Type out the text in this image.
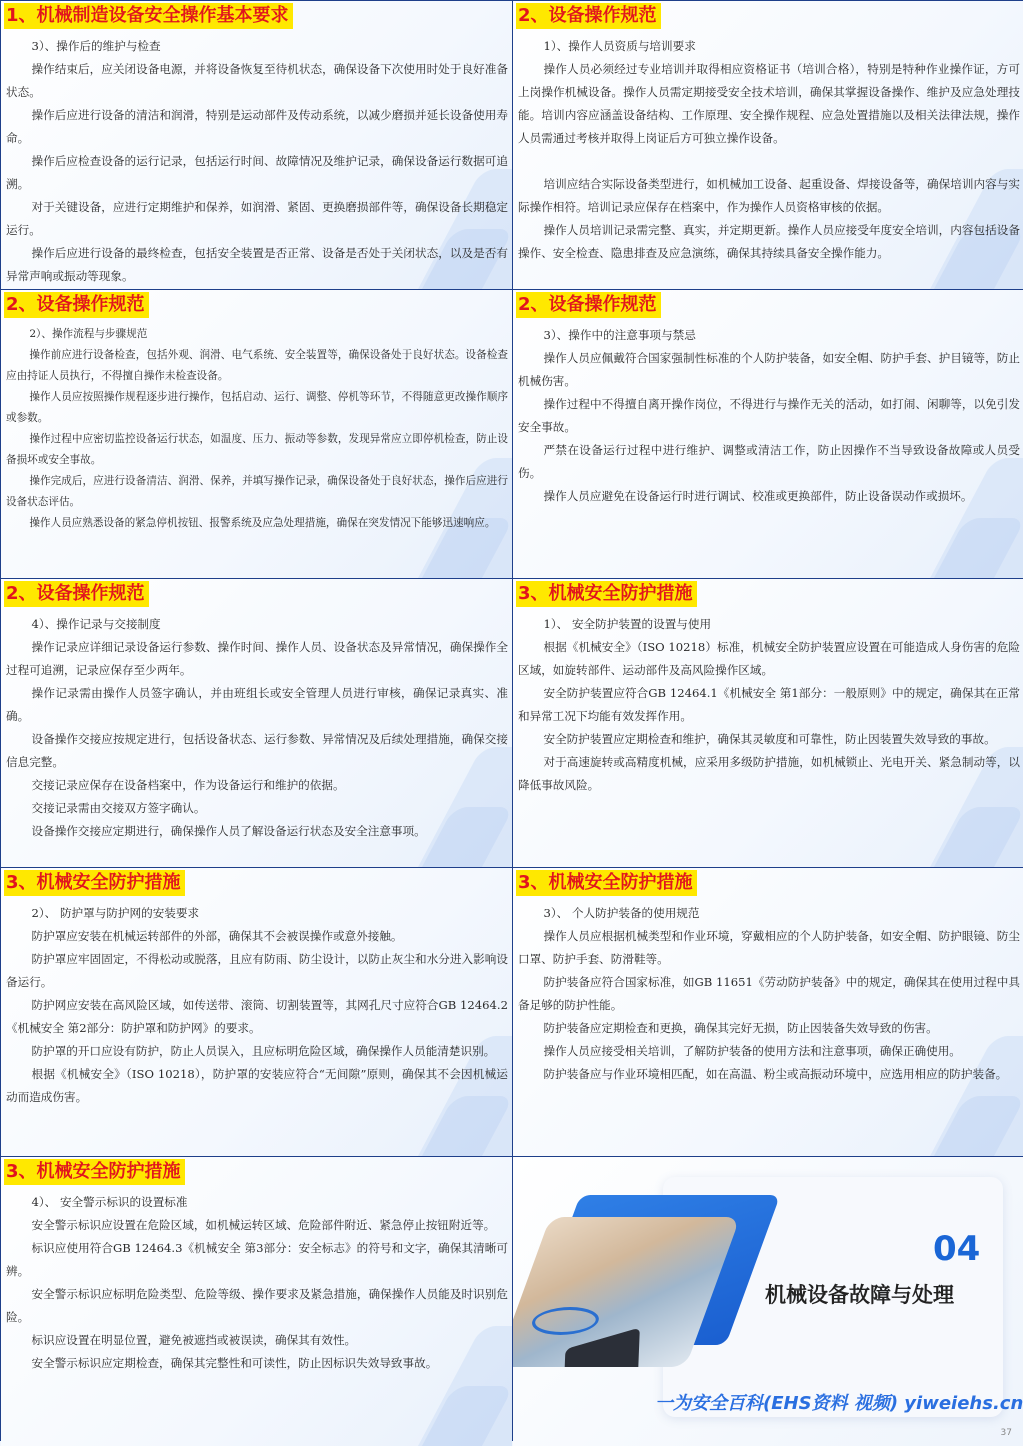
1、机械制造设备安全操作基本要求

3）、操作后的维护与检查

操作结束后，应关闭设备电源，并将设备恢复至待机状态，确保设备下次使用时处于良好准备状态。

操作后应进行设备的清洁和润滑，特别是运动部件及传动系统，以减少磨损并延长设备使用寿命。

操作后应检查设备的运行记录，包括运行时间、故障情况及维护记录，确保设备运行数据可追溯。

对于关键设备，应进行定期维护和保养，如润滑、紧固、更换磨损部件等，确保设备长期稳定运行。

操作后应进行设备的最终检查，包括安全装置是否正常、设备是否处于关闭状态，以及是否有异常声响或振动等现象。

2、设备操作规范

1）、操作人员资质与培训要求

操作人员必须经过专业培训并取得相应资格证书（培训合格），特别是特种作业操作证，方可上岗操作机械设备。操作人员需定期接受安全技术培训，确保其掌握设备操作、维护及应急处理技能。培训内容应涵盖设备结构、工作原理、安全操作规程、应急处置措施以及相关法律法规，操作人员需通过考核并取得上岗证后方可独立操作设备。

培训应结合实际设备类型进行，如机械加工设备、起重设备、焊接设备等，确保培训内容与实际操作相符。培训记录应保存在档案中，作为操作人员资格审核的依据。

操作人员培训记录需完整、真实，并定期更新。操作人员应接受年度安全培训，内容包括设备操作、安全检查、隐患排查及应急演练，确保其持续具备安全操作能力。

2、设备操作规范

2）、操作流程与步骤规范

操作前应进行设备检查，包括外观、润滑、电气系统、安全装置等，确保设备处于良好状态。设备检查应由持证人员执行，不得擅自操作未检查设备。

操作人员应按照操作规程逐步进行操作，包括启动、运行、调整、停机等环节，不得随意更改操作顺序或参数。

操作过程中应密切监控设备运行状态，如温度、压力、振动等参数，发现异常应立即停机检查，防止设备损坏或安全事故。

操作完成后，应进行设备清洁、润滑、保养，并填写操作记录，确保设备处于良好状态，操作后应进行设备状态评估。

操作人员应熟悉设备的紧急停机按钮、报警系统及应急处理措施，确保在突发情况下能够迅速响应。

2、设备操作规范

3）、操作中的注意事项与禁忌

操作人员应佩戴符合国家强制性标准的个人防护装备，如安全帽、防护手套、护目镜等，防止机械伤害。

操作过程中不得擅自离开操作岗位，不得进行与操作无关的活动，如打闹、闲聊等，以免引发安全事故。

严禁在设备运行过程中进行维护、调整或清洁工作，防止因操作不当导致设备故障或人员受伤。

操作人员应避免在设备运行时进行调试、校准或更换部件，防止设备误动作或损坏。

2、设备操作规范

4）、操作记录与交接制度

操作记录应详细记录设备运行参数、操作时间、操作人员、设备状态及异常情况，确保操作全过程可追溯，记录应保存至少两年。

操作记录需由操作人员签字确认，并由班组长或安全管理人员进行审核，确保记录真实、准确。

设备操作交接应按规定进行，包括设备状态、运行参数、异常情况及后续处理措施，确保交接信息完整。

交接记录应保存在设备档案中，作为设备运行和维护的依据。

交接记录需由交接双方签字确认。

设备操作交接应定期进行，确保操作人员了解设备运行状态及安全注意事项。

3、机械安全防护措施

1）、 安全防护装置的设置与使用

根据《机械安全》（ISO 10218）标准，机械安全防护装置应设置在可能造成人身伤害的危险区域，如旋转部件、运动部件及高风险操作区域。

安全防护装置应符合GB 12464.1《机械安全 第1部分：一般原则》中的规定，确保其在正常和异常工况下均能有效发挥作用。

安全防护装置应定期检查和维护，确保其灵敏度和可靠性，防止因装置失效导致的事故。

对于高速旋转或高精度机械，应采用多级防护措施，如机械锁止、光电开关、紧急制动等，以降低事故风险。

3、机械安全防护措施

2）、 防护罩与防护网的安装要求

防护罩应安装在机械运转部件的外部，确保其不会被误操作或意外接触。

防护罩应牢固固定，不得松动或脱落，且应有防雨、防尘设计，以防止灰尘和水分进入影响设备运行。

防护网应安装在高风险区域，如传送带、滚筒、切割装置等，其网孔尺寸应符合GB 12464.2《机械安全 第2部分：防护罩和防护网》的要求。

防护罩的开口应设有防护，防止人员误入，且应标明危险区域，确保操作人员能清楚识别。

根据《机械安全》（ISO 10218），防护罩的安装应符合“无间隙”原则，确保其不会因机械运动而造成伤害。

3、机械安全防护措施

3）、 个人防护装备的使用规范

操作人员应根据机械类型和作业环境，穿戴相应的个人防护装备，如安全帽、防护眼镜、防尘口罩、防护手套、防滑鞋等。

防护装备应符合国家标准，如GB 11651《劳动防护装备》中的规定，确保其在使用过程中具备足够的防护性能。

防护装备应定期检查和更换，确保其完好无损，防止因装备失效导致的伤害。

操作人员应接受相关培训，了解防护装备的使用方法和注意事项，确保正确使用。

防护装备应与作业环境相匹配，如在高温、粉尘或高振动环境中，应选用相应的防护装备。

3、机械安全防护措施

4）、 安全警示标识的设置标准

安全警示标识应设置在危险区域，如机械运转区域、危险部件附近、紧急停止按钮附近等。

标识应使用符合GB 12464.3《机械安全 第3部分：安全标志》的符号和文字，确保其清晰可辨。

安全警示标识应标明危险类型、危险等级、操作要求及紧急措施，确保操作人员能及时识别危险。

标识应设置在明显位置，避免被遮挡或被误读，确保其有效性。

安全警示标识应定期检查，确保其完整性和可读性，防止因标识失效导致事故。

04
机械设备故障与处理
一为安全百科(EHS资料 视频) yiweiehs.cn
37
